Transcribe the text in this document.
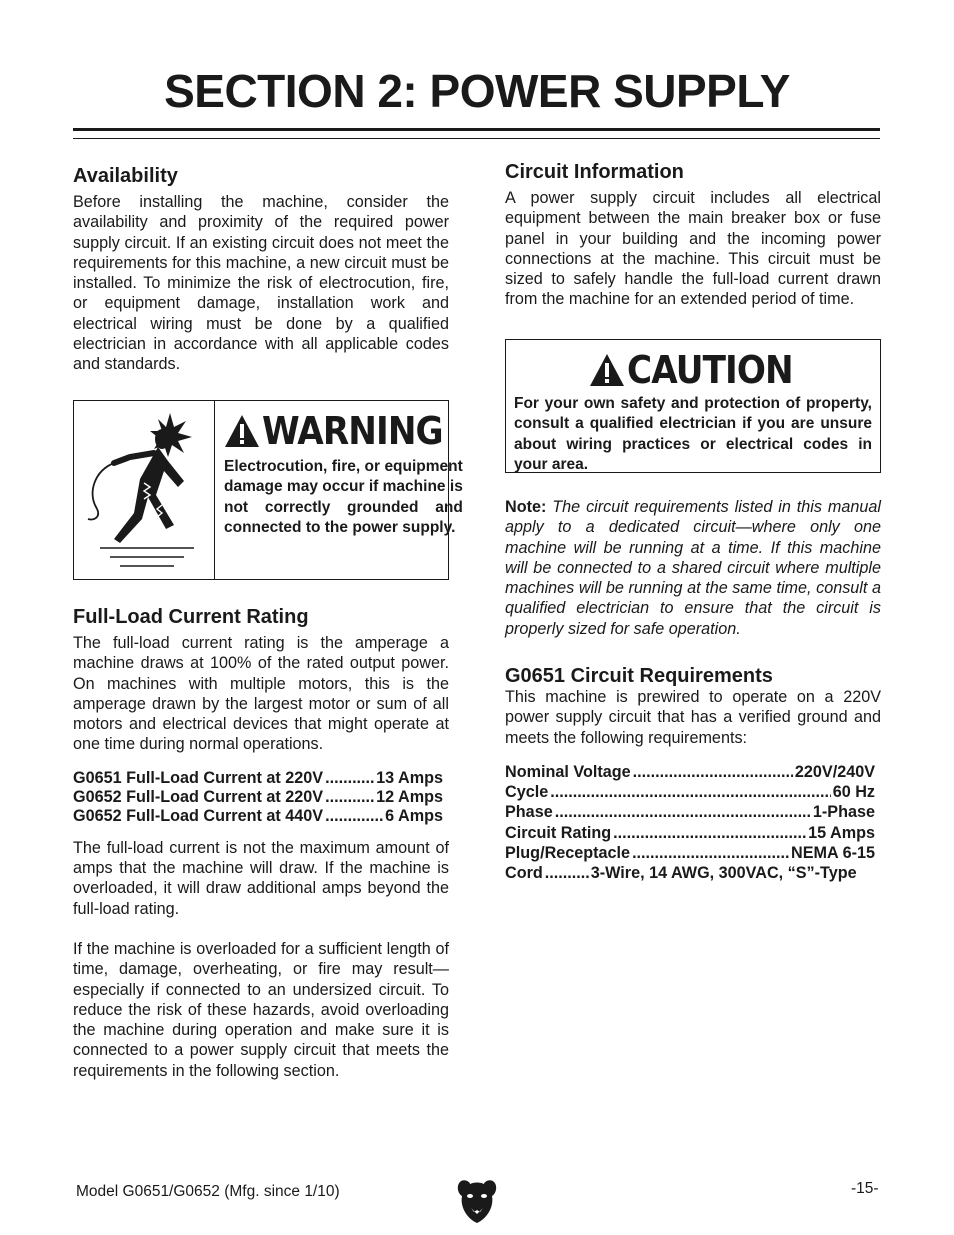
SECTION 2: POWER SUPPLY
Availability

Before installing the machine, consider the availability and proximity of the required power supply circuit. If an existing circuit does not meet the requirements for this machine, a new circuit must be installed. To minimize the risk of electrocution, fire, or equipment damage, installation work and electrical wiring must be done by a qualified electrician in accordance with all applicable codes and standards.

WARNING
Electrocution, fire, or equipment damage may occur if machine is not correctly grounded and connected to the power supply.
Full-Load Current Rating

The full-load current rating is the amperage a machine draws at 100% of the rated output power. On machines with multiple motors, this is the amperage drawn by the largest motor or sum of all motors and electrical devices that might operate at one time during normal operations.

G0651 Full-Load Current at 220V .....	13 Amps
G0652 Full-Load Current at 220V .....	12 Amps
G0652 Full-Load Current at 440V .....	6 Amps

The full-load current is not the maximum amount of amps that the machine will draw. If the machine is overloaded, it will draw additional amps beyond the full-load rating.

If the machine is overloaded for a sufficient length of time, damage, overheating, or fire may result—especially if connected to an undersized circuit. To reduce the risk of these hazards, avoid overloading the machine during operation and make sure it is connected to a power supply circuit that meets the requirements in the following section.

Circuit Information

A power supply circuit includes all electrical equipment between the main breaker box or fuse panel in your building and the incoming power connections at the machine. This circuit must be sized to safely handle the full-load current drawn from the machine for an extended period of time.

CAUTION
For your own safety and protection of property, consult a qualified electrician if you are unsure about wiring practices or electrical codes in your area.

Note: The circuit requirements listed in this manual apply to a dedicated circuit—where only one machine will be running at a time. If this machine will be connected to a shared circuit where multiple machines will be running at the same time, consult a qualified electrician to ensure that the circuit is properly sized for safe operation.

G0651 Circuit Requirements

This machine is prewired to operate on a 220V power supply circuit that has a verified ground and meets the following requirements:

Nominal Voltage .....	220V/240V
Cycle .....	60 Hz
Phase .....	1-Phase
Circuit Rating .....	15 Amps
Plug/Receptacle .....	NEMA 6-15
Cord .....	3-Wire, 14 AWG, 300VAC, “S”-Type
Model G0651/G0652 (Mfg. since 1/10)	-15-
